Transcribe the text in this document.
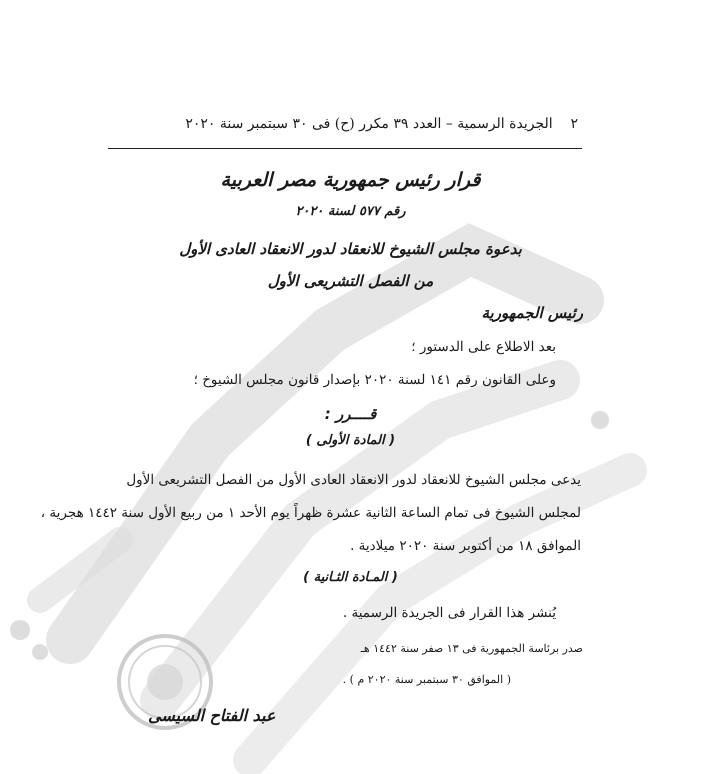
٢    الجريدة الرسمية – العدد ٣٩ مكرر (ح) فى ٣٠ سبتمبر سنة ٢٠٢٠
قرار رئيس جمهورية مصر العربية
رقم ٥٧٧ لسنة ٢٠٢٠
بدعوة مجلس الشيوخ للانعقاد لدور الانعقاد العادى الأول
من الفصل التشريعى الأول
رئيس الجمهورية
بعد الاطلاع على الدستور ؛
وعلى القانون رقم ١٤١ لسنة ٢٠٢٠ بإصدار قانون مجلس الشيوخ ؛
قــــرر :
( المادة الأولى )
يدعى مجلس الشيوخ للانعقاد لدور الانعقاد العادى الأول من الفصل التشريعى الأول
لمجلس الشيوخ فى تمام الساعة الثانية عشرة ظهراً يوم الأحد ١ من ربيع الأول سنة ١٤٤٢ هجرية ،
الموافق ١٨ من أكتوبر سنة ٢٠٢٠ ميلادية .
( المـادة الثـانية )
يُنشر هذا القرار فى الجريدة الرسمية .
صدر برئاسة الجمهورية فى ١٣ صفر سنة ١٤٤٢ هـ
( الموافق ٣٠ سبتمبر سنة ٢٠٢٠ م ) .
عبد الفتاح السيسى
